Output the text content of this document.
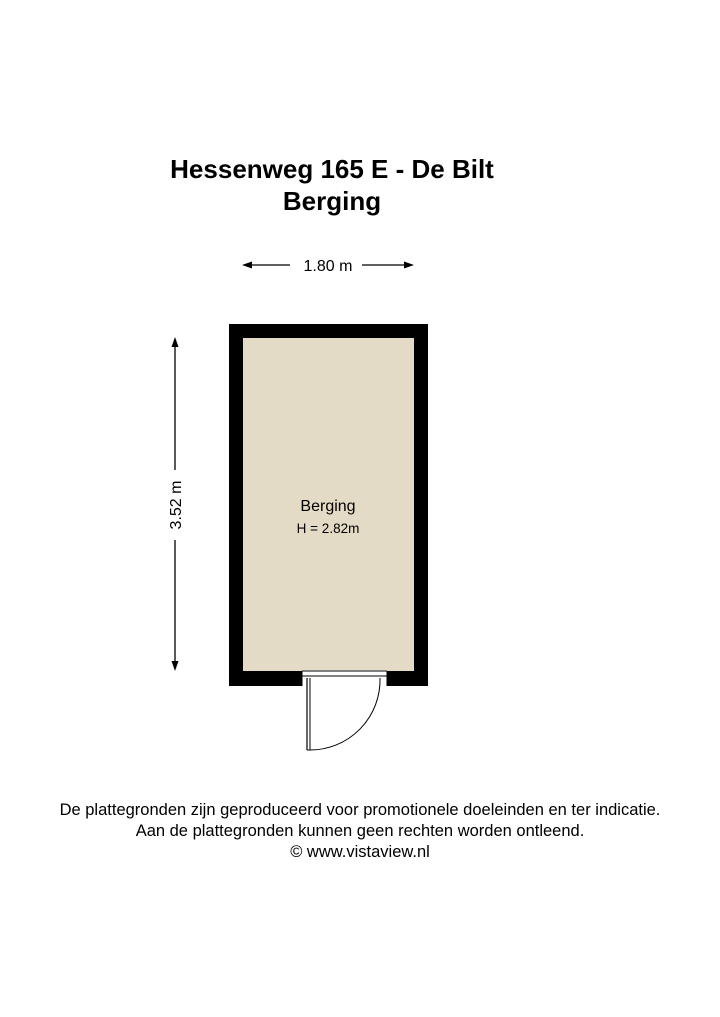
Hessenweg 165 E - De Bilt
Berging
1.80 m
3.52 m	Berging
H = 2.82m
De plattegronden zijn geproduceerd voor promotionele doeleinden en ter indicatie.
Aan de plattegronden kunnen geen rechten worden ontleend.
© www.vistaview.nl
